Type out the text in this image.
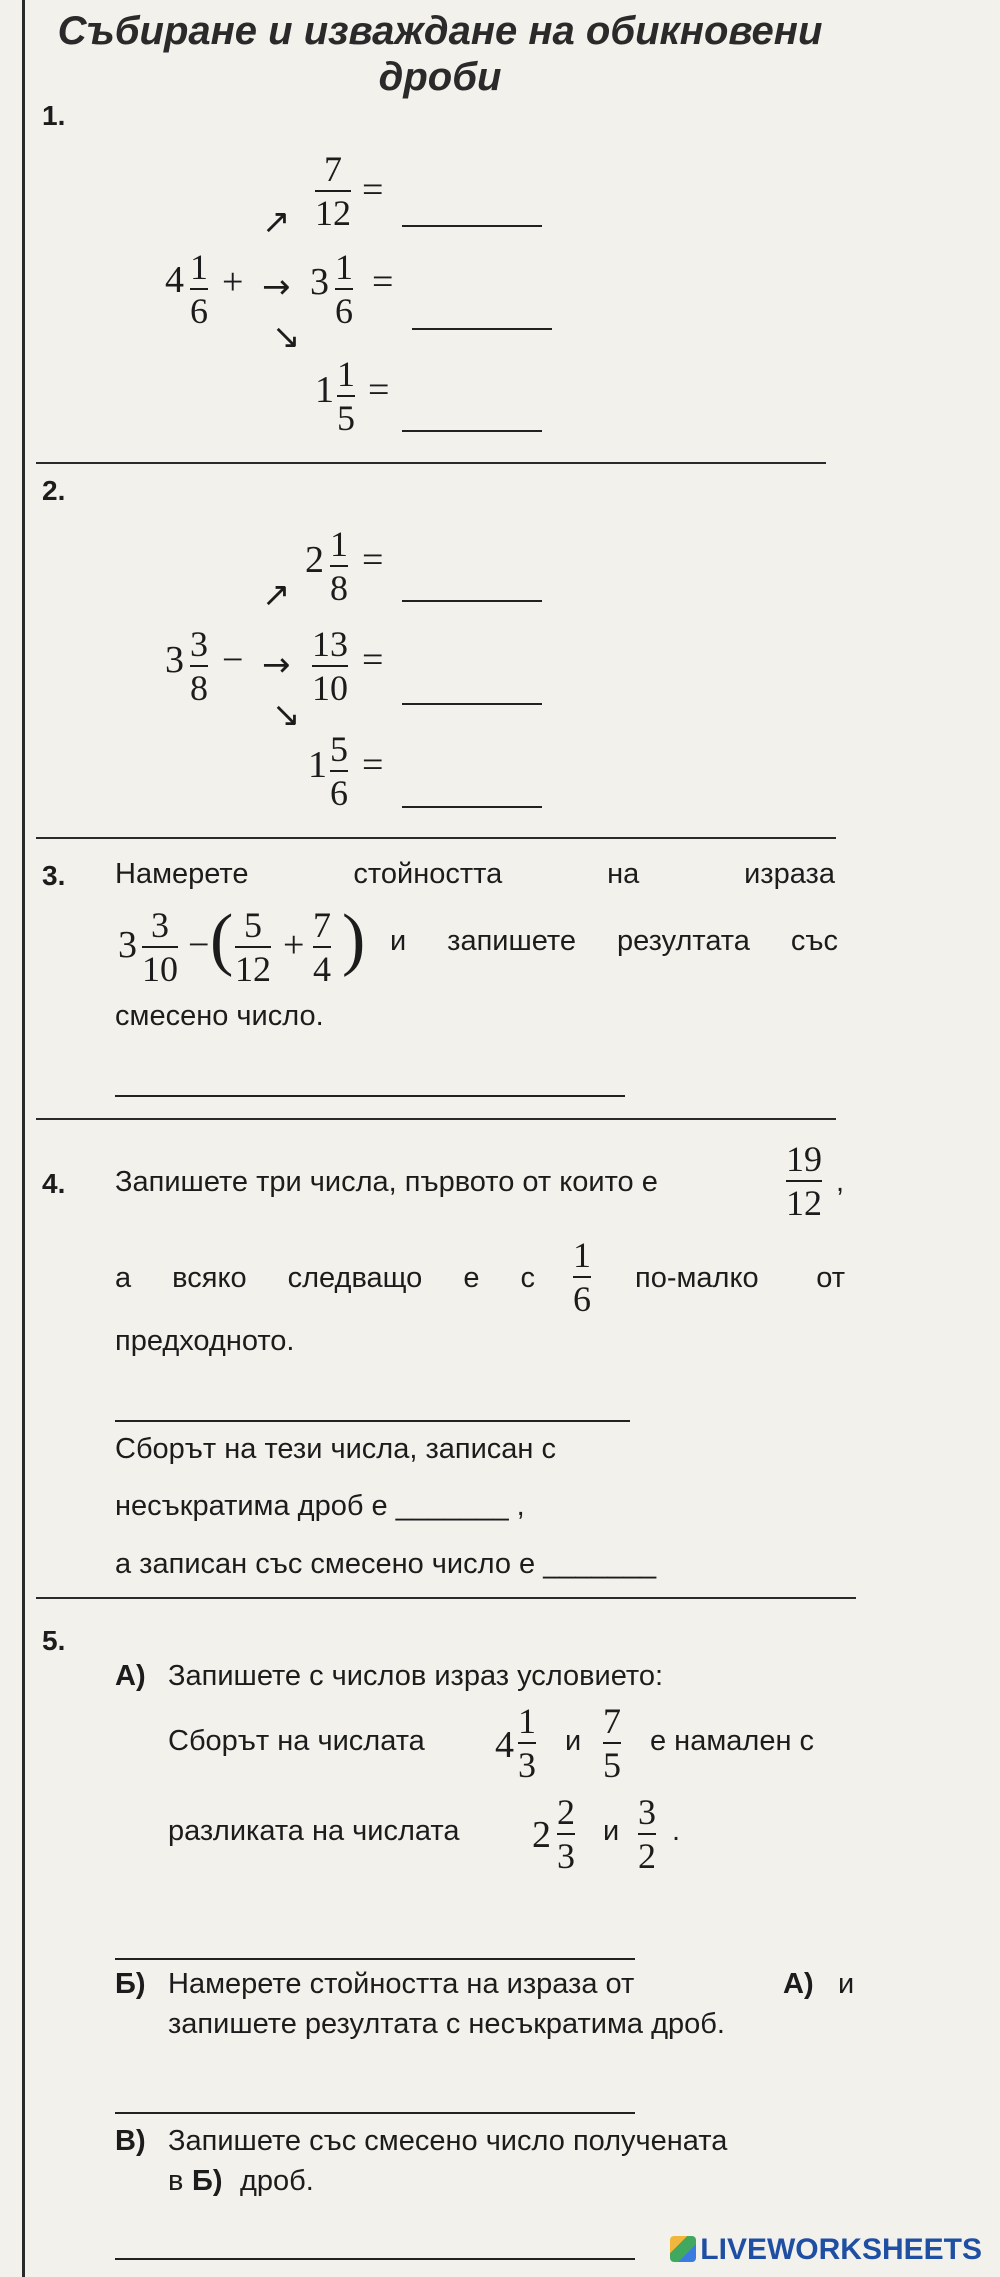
Събиране и изваждане на обикновени дроби
1.
7
12
=
↗
4 1
6
+ → 3 1
6
=
↘
1 1
5
=
2.
2 1
8
=
↗
3 3
8
− →
13
10
=
↘
1 5
6
=
3. Намерете	стойността	на	израза
3 3
10
− ( 5
12
+ 7
4 ) и запишете резултата със
смесено число.
4. Запишете три числа, първото от които е
19
12
,
а всяко следващо е с
1
6
по-малко от
предходното.
Сборът на тези числа, записан с
несъкратима дроб е _______ ,
а записан със смесено число е _______
5.
А) Запишете с числов израз условието:
Сборът на числата 4
1
3
и 7
5
е намален с
разликата на числата 2
2
3
и 3
2
.
Б) Намерете стойността на израза от	А) и
запишете резултата с несъкратима дроб.
В) Запишете със смесено число получената
в Б) дроб.
LIVEWORKSHEETS
